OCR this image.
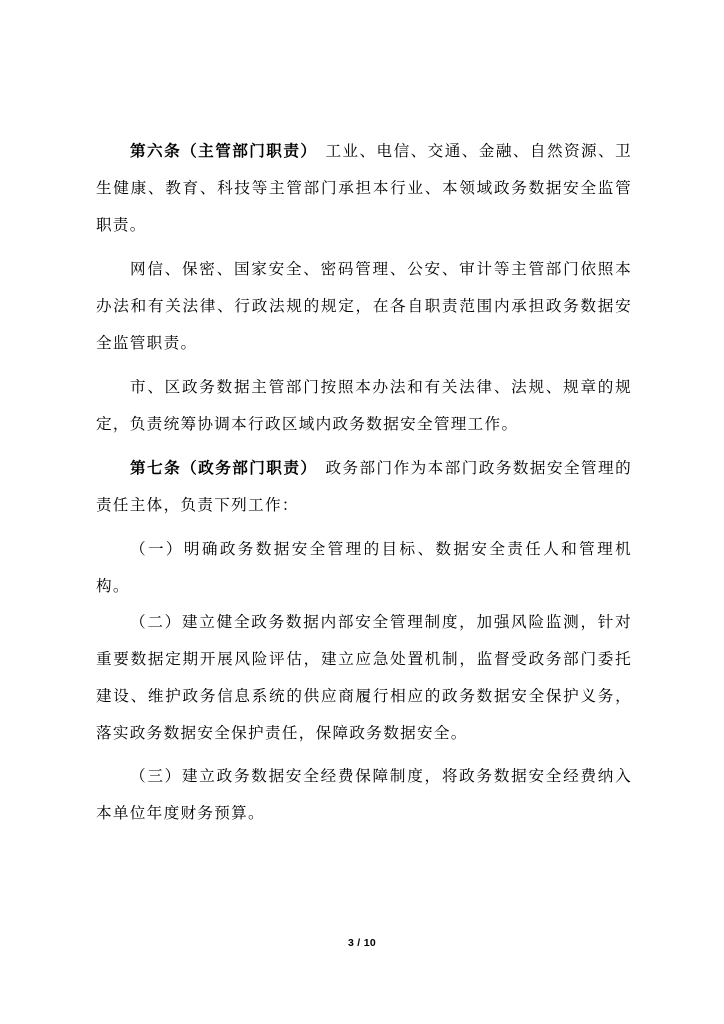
第六条（主管部门职责） 工业、电信、交通、金融、自然资源、卫生健康、教育、科技等主管部门承担本行业、本领域政务数据安全监管职责。

网信、保密、国家安全、密码管理、公安、审计等主管部门依照本办法和有关法律、行政法规的规定，在各自职责范围内承担政务数据安全监管职责。

市、区政务数据主管部门按照本办法和有关法律、法规、规章的规定，负责统筹协调本行政区域内政务数据安全管理工作。

第七条（政务部门职责） 政务部门作为本部门政务数据安全管理的责任主体，负责下列工作：

（一）明确政务数据安全管理的目标、数据安全责任人和管理机构。

（二）建立健全政务数据内部安全管理制度，加强风险监测，针对重要数据定期开展风险评估，建立应急处置机制，监督受政务部门委托建设、维护政务信息系统的供应商履行相应的政务数据安全保护义务，落实政务数据安全保护责任，保障政务数据安全。

（三）建立政务数据安全经费保障制度，将政务数据安全经费纳入本单位年度财务预算。

3 / 10
